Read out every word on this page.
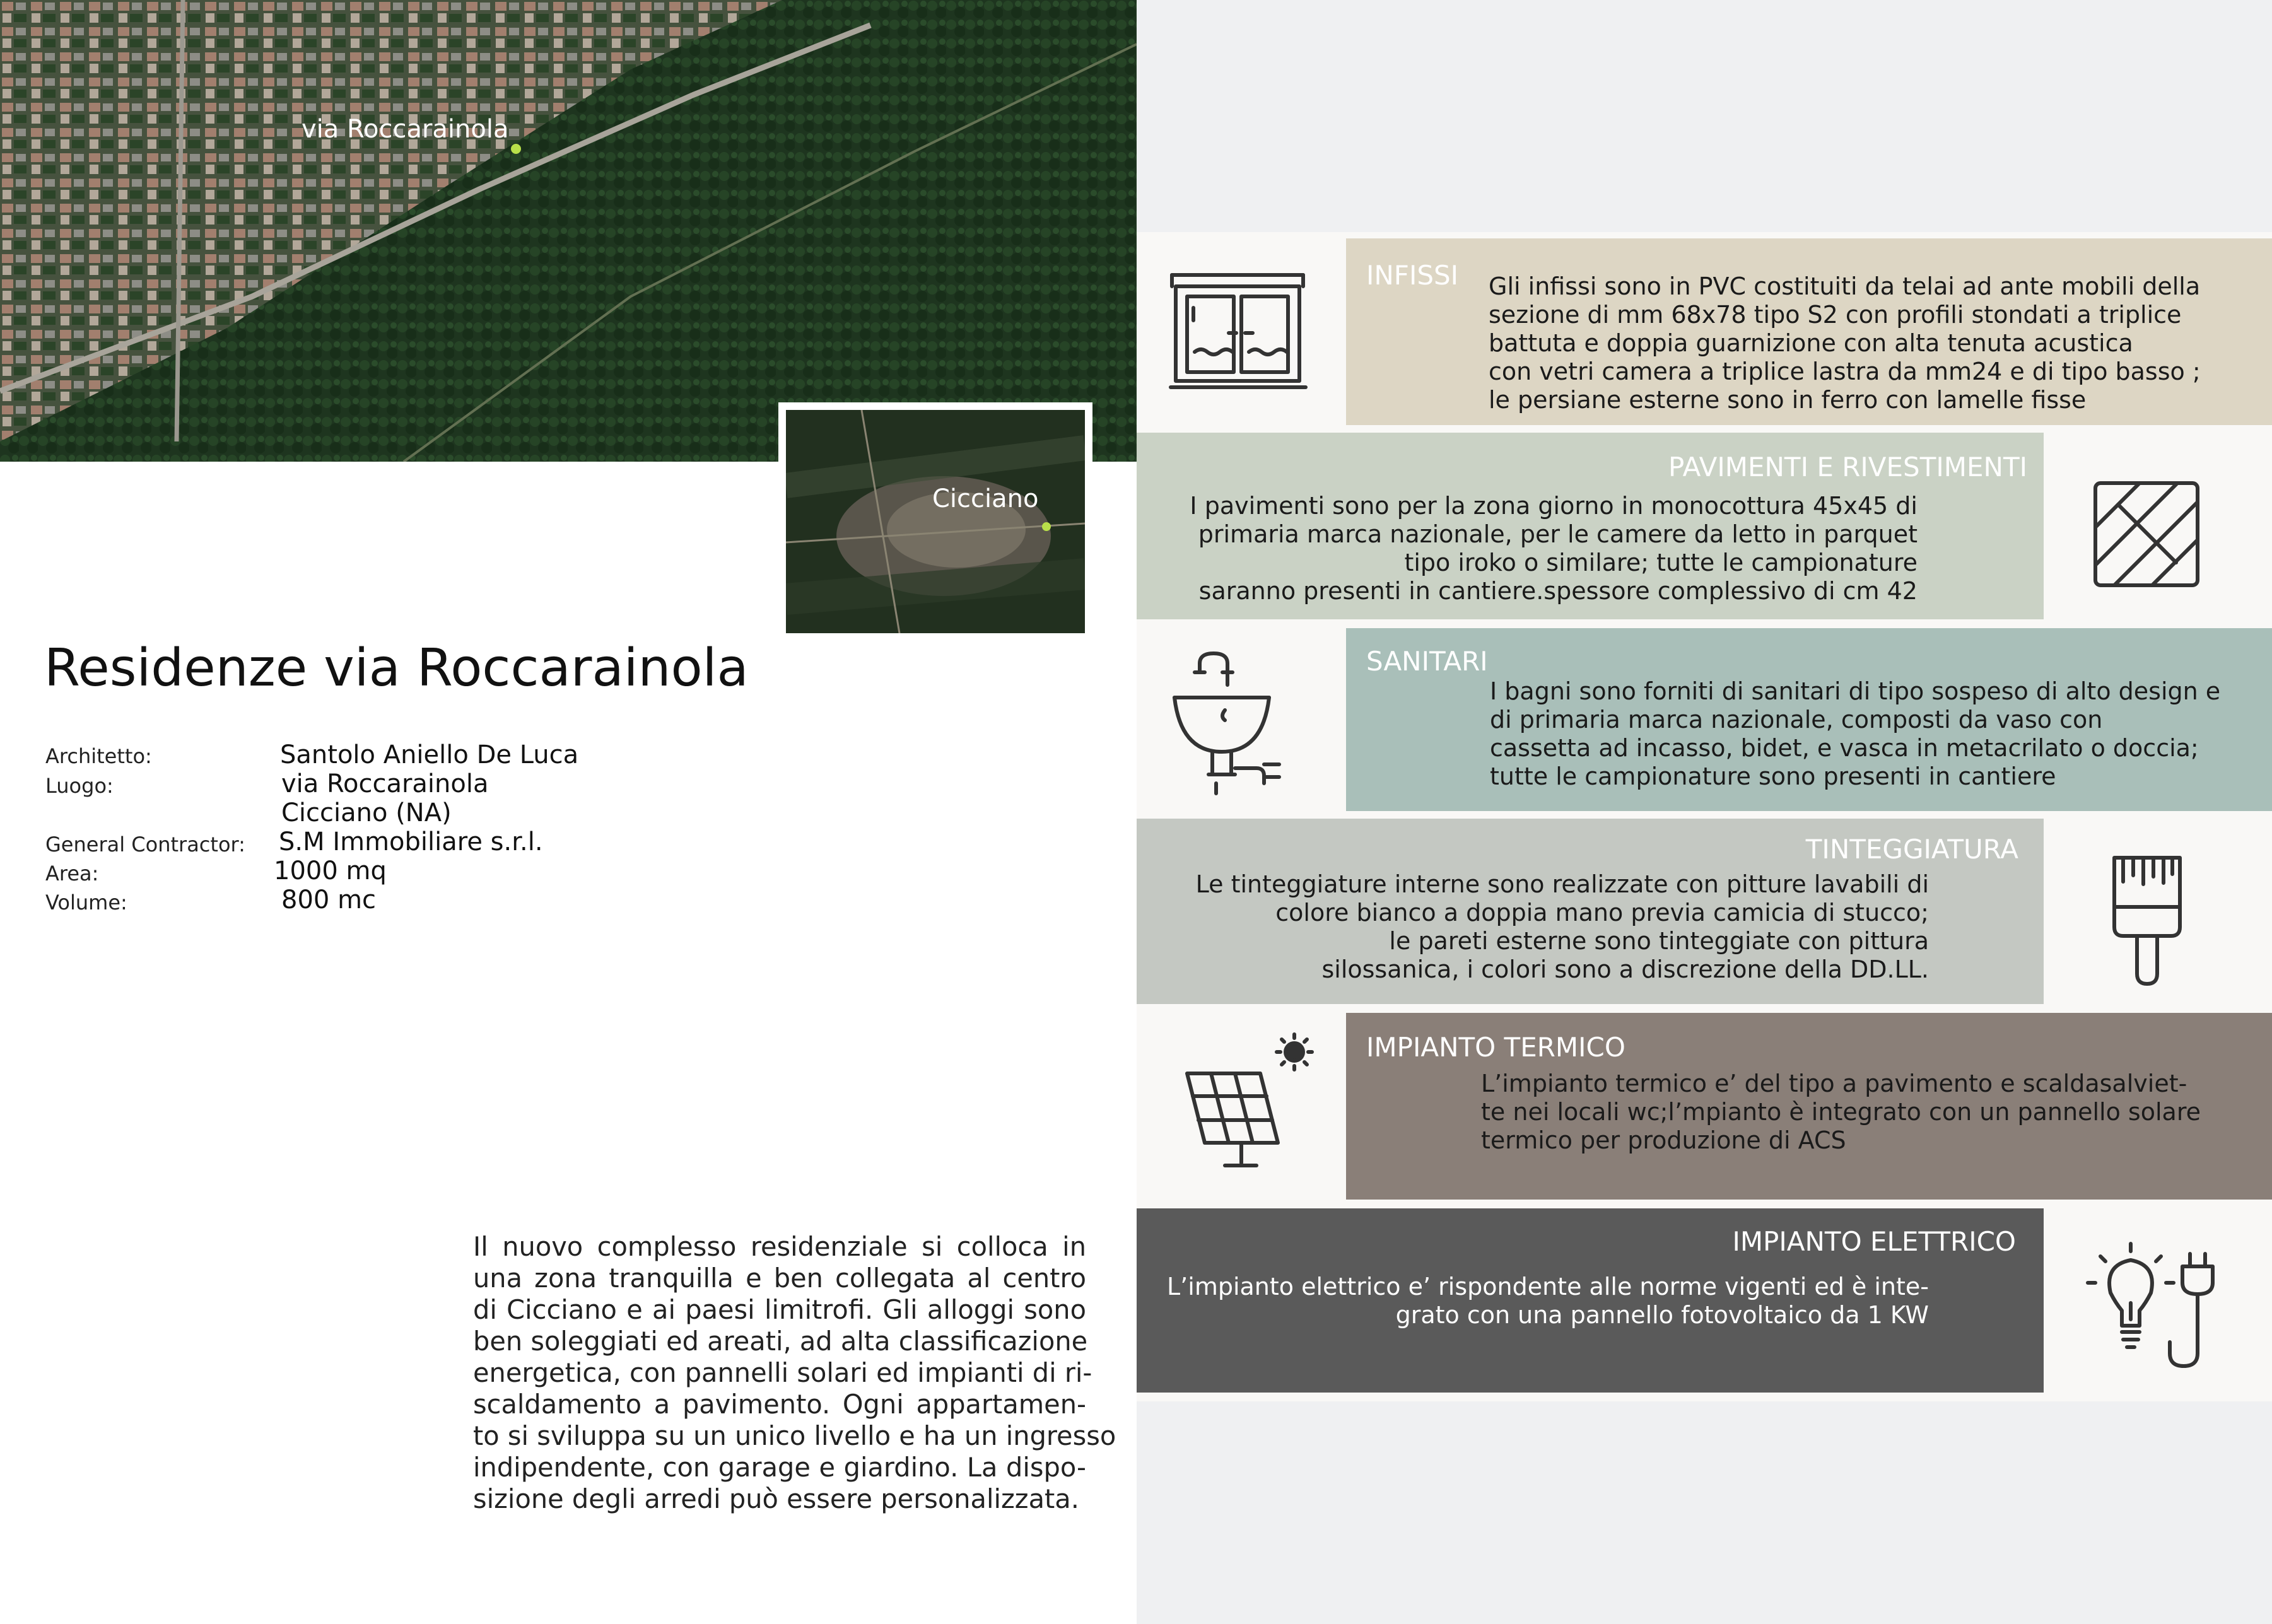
via Roccarainola
Cicciano
Residenze via Roccarainola
Architetto:	Santolo Aniello De Luca
Luogo:	via Roccarainola
Cicciano (NA)
General Contractor: S.M Immobiliare s.r.l.
Area:	1000 mq
Volume:	800 mc
Il nuovo complesso residenziale si colloca in
una zona tranquilla e ben collegata al centro
di Cicciano e ai paesi limitrofi. Gli alloggi sono
ben soleggiati ed areati, ad alta classificazione
energetica, con pannelli solari ed impianti di ri-
scaldamento a pavimento. Ogni appartamen-
to si sviluppa su un unico livello e ha un ingresso
indipendente, con garage e giardino. La dispo-
sizione degli arredi può essere personalizzata.
INFISSI Gli infissi sono in PVC costituiti da telai ad ante mobili della
sezione di mm 68x78 tipo S2 con profili stondati a triplice
battuta e doppia guarnizione con alta tenuta acustica
con vetri camera a triplice lastra da mm24 e di tipo basso ;
le persiane esterne sono in ferro con lamelle fisse
PAVIMENTI E RIVESTIMENTI
I pavimenti sono per la zona giorno in monocottura 45x45 di
primaria marca nazionale, per le camere da letto in parquet
tipo iroko o similare; tutte le campionature
saranno presenti in cantiere.spessore complessivo di cm 42
SANITARI
I bagni sono forniti di sanitari di tipo sospeso di alto design e
di primaria marca nazionale, composti da vaso con
cassetta ad incasso, bidet, e vasca in metacrilato o doccia;
tutte le campionature sono presenti in cantiere
TINTEGGIATURA
Le tinteggiature interne sono realizzate con pitture lavabili di
colore bianco a doppia mano previa camicia di stucco;
le pareti esterne sono tinteggiate con pittura
silossanica, i colori sono a discrezione della DD.LL.
IMPIANTO TERMICO
L’impianto termico e’ del tipo a pavimento e scaldasalviet-
te nei locali wc;l’mpianto è integrato con un pannello solare
termico per produzione di ACS
IMPIANTO ELETTRICO
L’impianto elettrico e’ rispondente alle norme vigenti ed è inte-
grato con una pannello fotovoltaico da 1 KW
